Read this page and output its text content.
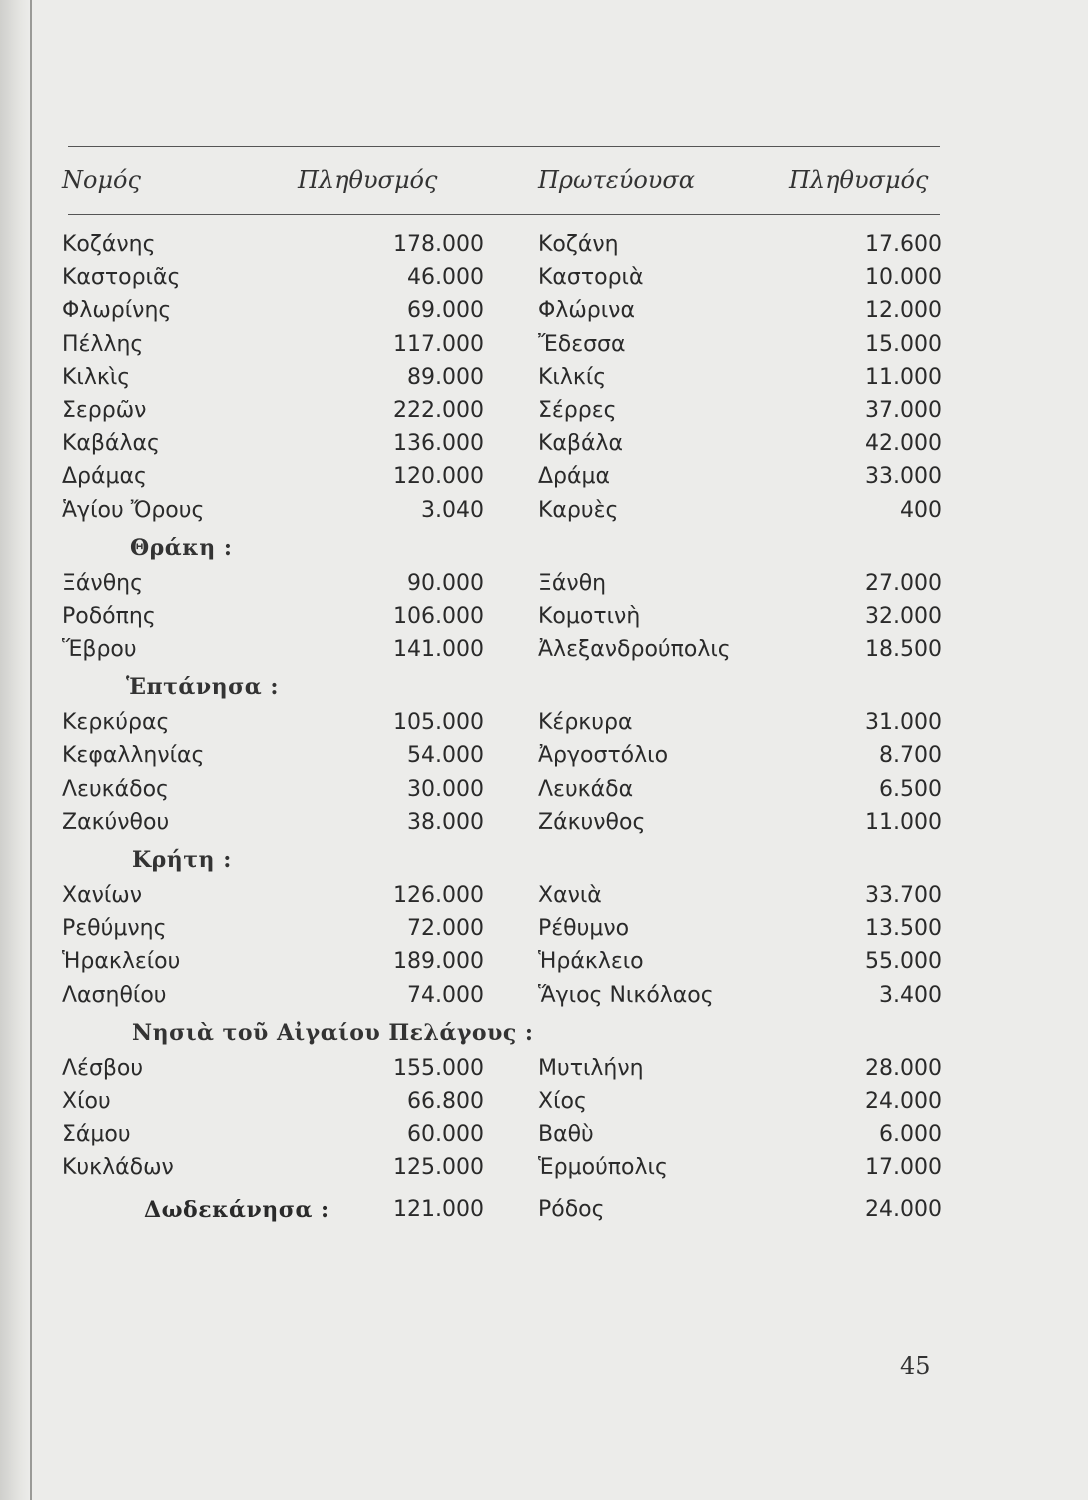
Νομός	Πληθυσμός	Πρωτεύουσα	Πληθυσμός
Κοζάνης	178.000 Κοζάνη	17.600
Καστοριᾶς	46.000 Καστοριὰ	10.000
Φλωρίνης	69.000 Φλώρινα	12.000
Πέλλης	117.000 Ἔδεσσα	15.000
Κιλκὶς	89.000 Κιλκίς	11.000
Σερρῶν	222.000 Σέρρες	37.000
Καβάλας	136.000 Καβάλα	42.000
Δράμας	120.000 Δράμα	33.000
Ἁγίου Ὄρους	3.040 Καρυὲς	400
Θράκη :
Ξάνθης	90.000 Ξάνθη	27.000
Ροδόπης	106.000 Κομοτινὴ	32.000
Ἕβρου	141.000 Ἀλεξανδρούπολις	18.500
Ἑπτάνησα :
Κερκύρας	105.000 Κέρκυρα	31.000
Κεφαλληνίας	54.000 Ἀργοστόλιο	8.700
Λευκάδος	30.000 Λευκάδα	6.500
Ζακύνθου	38.000 Ζάκυνθος	11.000
Κρήτη :
Χανίων	126.000 Χανιὰ	33.700
Ρεθύμνης	72.000 Ρέθυμνο	13.500
Ἡρακλείου	189.000 Ἡράκλειο	55.000
Λασηθίου	74.000 Ἅγιος Νικόλαος	3.400
Νησιὰ τοῦ Αἰγαίου Πελάγους :
Λέσβου	155.000 Μυτιλήνη	28.000
Χίου	66.800 Χίος	24.000
Σάμου	60.000 Βαθὺ	6.000
Κυκλάδων	125.000 Ἑρμούπολις	17.000
Δωδεκάνησα :	121.000 Ρόδος	24.000
45
